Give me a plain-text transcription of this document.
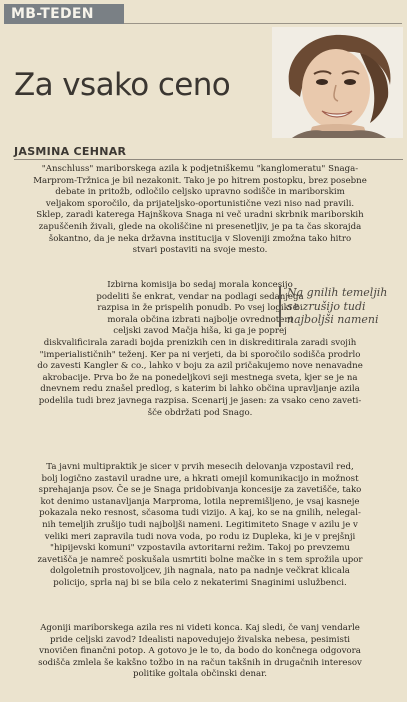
MB-TEDEN
Za vsako ceno
JASMINA CEHNAR

"Anschluss" mariborskega azila k podjetniškemu "kanglomeratu" Snaga-
Marprom-Tržnica je bil nezakonit. Tako je po hitrem postopku, brez posebne
debate in pritožb, odločilo celjsko upravno sodišče in mariborskim
veljakom sporočilo, da prijateljsko-oportunistične vezi niso nad pravili.
Sklep, zaradi katerega Hajnškova Snaga ni več uradni skrbnik mariborskih
zapuščenih živali, glede na okoliščine ni presenetljiv, je pa ta čas skorajda
šokantno, da je neka državna institucija v Sloveniji zmožna tako hitro
stvari postaviti na svoje mesto.

Izbirna komisija bo sedaj morala koncesijo
podeliti še enkrat, vendar na podlagi sedanjega
razpisa in že prispelih ponudb. Po vsej logiki bi
morala občina izbrati najbolje ovrednoteni
celjski zavod Mačja hiša, ki ga je poprej
diskvalificirala zaradi bojda prenizkih cen in diskreditirala zaradi svojih
"imperialističnih" teženj. Ker pa ni verjeti, da bi sporočilo sodišča prodrlo
do zavesti Kangler & co., lahko v boju za azil pričakujemo nove nenavadne
akrobacije. Prva bo že na ponedeljkovi seji mestnega sveta, kjer se je na
dnevnem redu znašel predlog, s katerim bi lahko občina upravljanje azila
podelila tudi brez javnega razpisa. Scenarij je jasen: za vsako ceno zaveti-
šče obdržati pod Snago.

Na gnilih temeljih
se zrušijo tudi
najboljši nameni

Ta javni multipraktik je sicer v prvih mesecih delovanja vzpostavil red,
bolj logično zastavil uradne ure, a hkrati omejil komunikacijo in možnost
sprehajanja psov. Če se je Snaga pridobivanja koncesije za zavetišče, tako
kot denimo ustanavljanja Marproma, lotila nepremišljeno, je vsaj kasneje
pokazala neko resnost, sčasoma tudi vizijo. A kaj, ko se na gnilih, nelegal-
nih temeljih zrušijo tudi najboljši nameni. Legitimiteto Snage v azilu je v
veliki meri zapravila tudi nova voda, po rodu iz Dupleka, ki je v prejšnji
"hipijevski komuni" vzpostavila avtoritarni režim. Takoj po prevzemu
zavetišča je namreč poskušala usmrtiti bolne mačke in s tem sprožila upor
dolgoletnih prostovoljcev, jih nagnala, nato pa nadnje večkrat klicala
policijo, sprla naj bi se bila celo z nekaterimi Snaginimi uslužbenci.

Agoniji mariborskega azila res ni videti konca. Kaj sledi, če vanj vendarle
pride celjski zavod? Idealisti napovedujejo živalska nebesa, pesimisti
vnovičen finančni potop. A gotovo je le to, da bodo do končnega odgovora
sodišča zmlela še kakšno tožbo in na račun takšnih in drugačnih interesov
politike goltala občinski denar.
